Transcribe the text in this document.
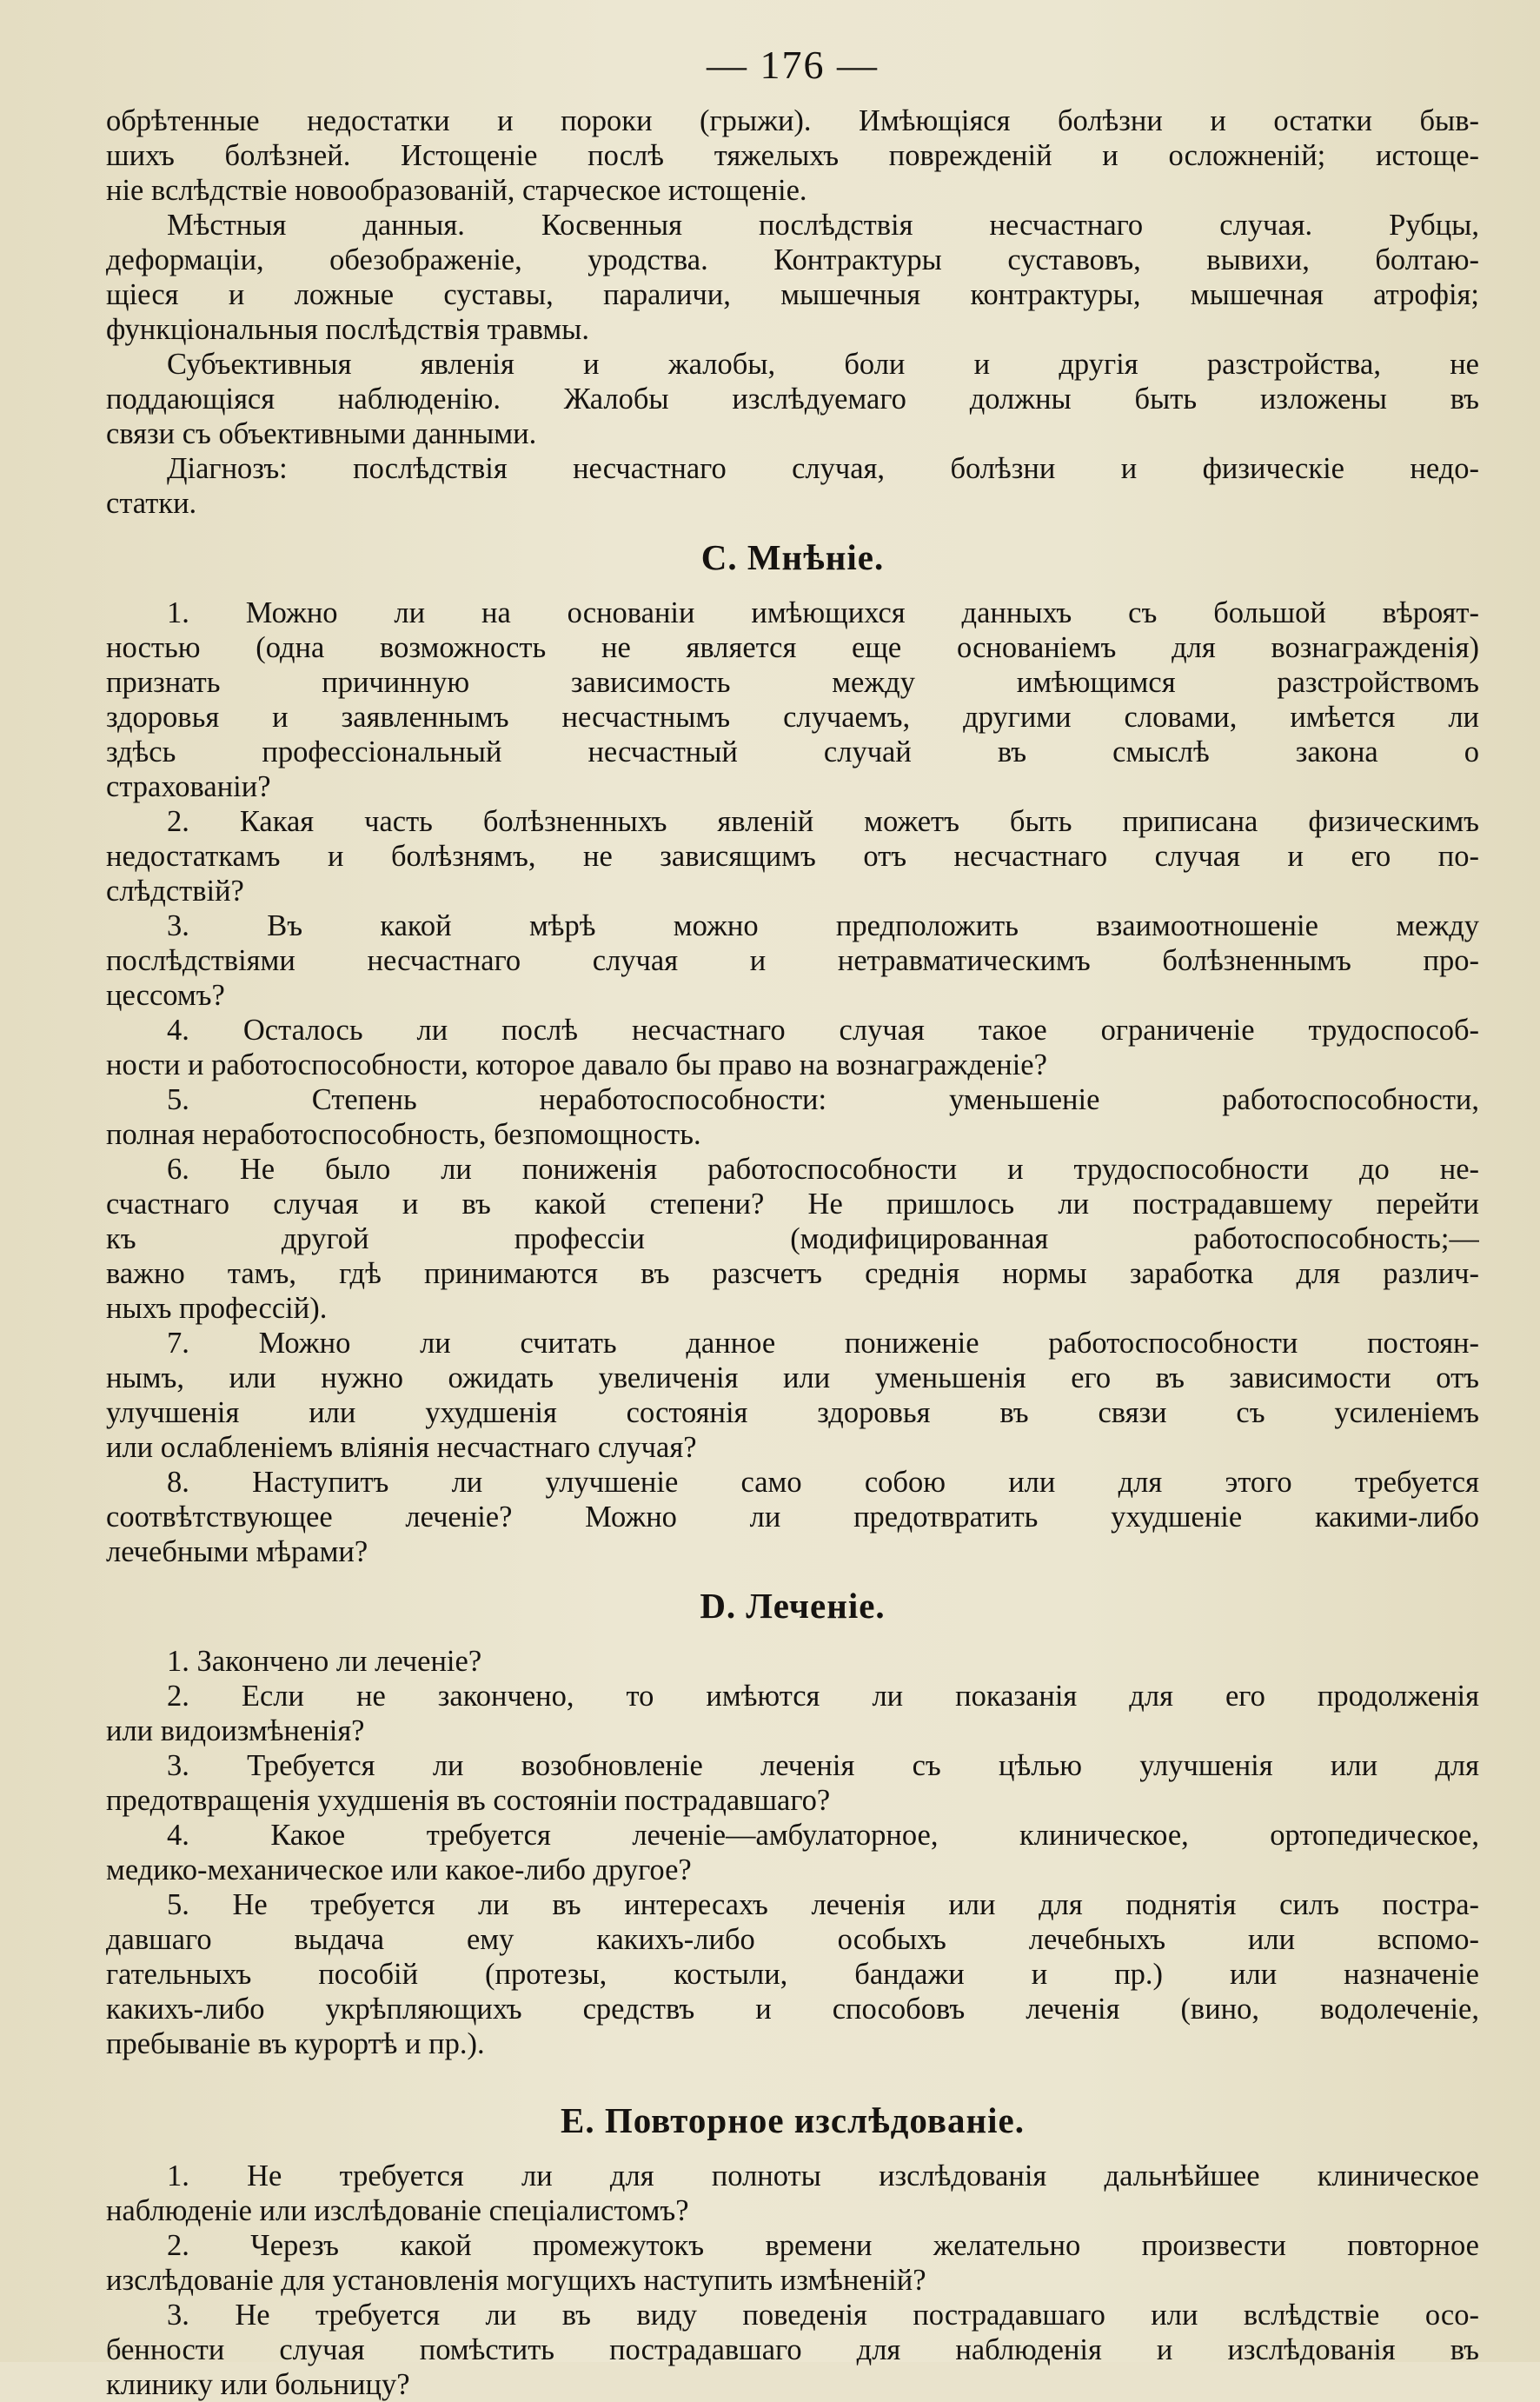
— 176 —
обрѣтенные недостатки и пороки (грыжи). Имѣющіяся болѣзни и остатки быв-
шихъ болѣзней. Истощеніе послѣ тяжелыхъ поврежденій и осложненій; истоще-
ніе вслѣдствіе новообразованій, старческое истощеніе.
Мѣстныя данныя. Косвенныя послѣдствія несчастнаго случая. Рубцы,
деформаціи, обезображеніе, уродства. Контрактуры суставовъ, вывихи, болтаю-
щіеся и ложные суставы, параличи, мышечныя контрактуры, мышечная атрофія;
функціональныя послѣдствія травмы.
Субъективныя явленія и жалобы, боли и другія разстройства, не
поддающіяся наблюденію. Жалобы изслѣдуемаго должны быть изложены въ
связи съ объективными данными.
Діагнозъ: послѣдствія несчастнаго случая, болѣзни и физическіе недо-
статки.
C. Мнѣніе.
1. Можно ли на основаніи имѣющихся данныхъ съ большой вѣроят-
ностью (одна возможность не является еще основаніемъ для вознагражденія)
признать причинную зависимость между имѣющимся разстройствомъ
здоровья и заявленнымъ несчастнымъ случаемъ, другими словами, имѣется ли
здѣсь профессіональный несчастный случай въ смыслѣ закона о
страхованіи?
2. Какая часть болѣзненныхъ явленій можетъ быть приписана физическимъ
недостаткамъ и болѣзнямъ, не зависящимъ отъ несчастнаго случая и его по-
слѣдствій?
3. Въ какой мѣрѣ можно предположить взаимоотношеніе между
послѣдствіями несчастнаго случая и нетравматическимъ болѣзненнымъ про-
цессомъ?
4. Осталось ли послѣ несчастнаго случая такое ограниченіе трудоспособ-
ности и работоспособности, которое давало бы право на вознагражденіе?
5. Степень неработоспособности: уменьшеніе работоспособности,
полная неработоспособность, безпомощность.
6. Не было ли пониженія работоспособности и трудоспособности до не-
счастнаго случая и въ какой степени? Не пришлось ли пострадавшему перейти
къ другой профессіи (модифицированная работоспособность;—
важно тамъ, гдѣ принимаются въ разсчетъ среднія нормы заработка для различ-
ныхъ профессій).
7. Можно ли считать данное пониженіе работоспособности постоян-
нымъ, или нужно ожидать увеличенія или уменьшенія его въ зависимости отъ
улучшенія или ухудшенія состоянія здоровья въ связи съ усиленіемъ
или ослабленіемъ вліянія несчастнаго случая?
8. Наступитъ ли улучшеніе само собою или для этого требуется
соотвѣтствующее леченіе? Можно ли предотвратить ухудшеніе какими-либо
лечебными мѣрами?
D. Леченіе.
1. Закончено ли леченіе?
2. Если не закончено, то имѣются ли показанія для его продолженія
или видоизмѣненія?
3. Требуется ли возобновленіе леченія съ цѣлью улучшенія или для
предотвращенія ухудшенія въ состояніи пострадавшаго?
4. Какое требуется леченіе—амбулаторное, клиническое, ортопедическое,
медико-механическое или какое-либо другое?
5. Не требуется ли въ интересахъ леченія или для поднятія силъ постра-
давшаго выдача ему какихъ-либо особыхъ лечебныхъ или вспомо-
гательныхъ пособій (протезы, костыли, бандажи и пр.) или назначеніе
какихъ-либо укрѣпляющихъ средствъ и способовъ леченія (вино, водолеченіе,
пребываніе въ курортѣ и пр.).
E. Повторное изслѣдованіе.
1. Не требуется ли для полноты изслѣдованія дальнѣйшее клиническое
наблюденіе или изслѣдованіе спеціалистомъ?
2. Черезъ какой промежутокъ времени желательно произвести повторное
изслѣдованіе для установленія могущихъ наступить измѣненій?
3. Не требуется ли въ виду поведенія пострадавшаго или вслѣдствіе осо-
бенности случая помѣстить пострадавшаго для наблюденія и изслѣдованія въ
клинику или больницу?
